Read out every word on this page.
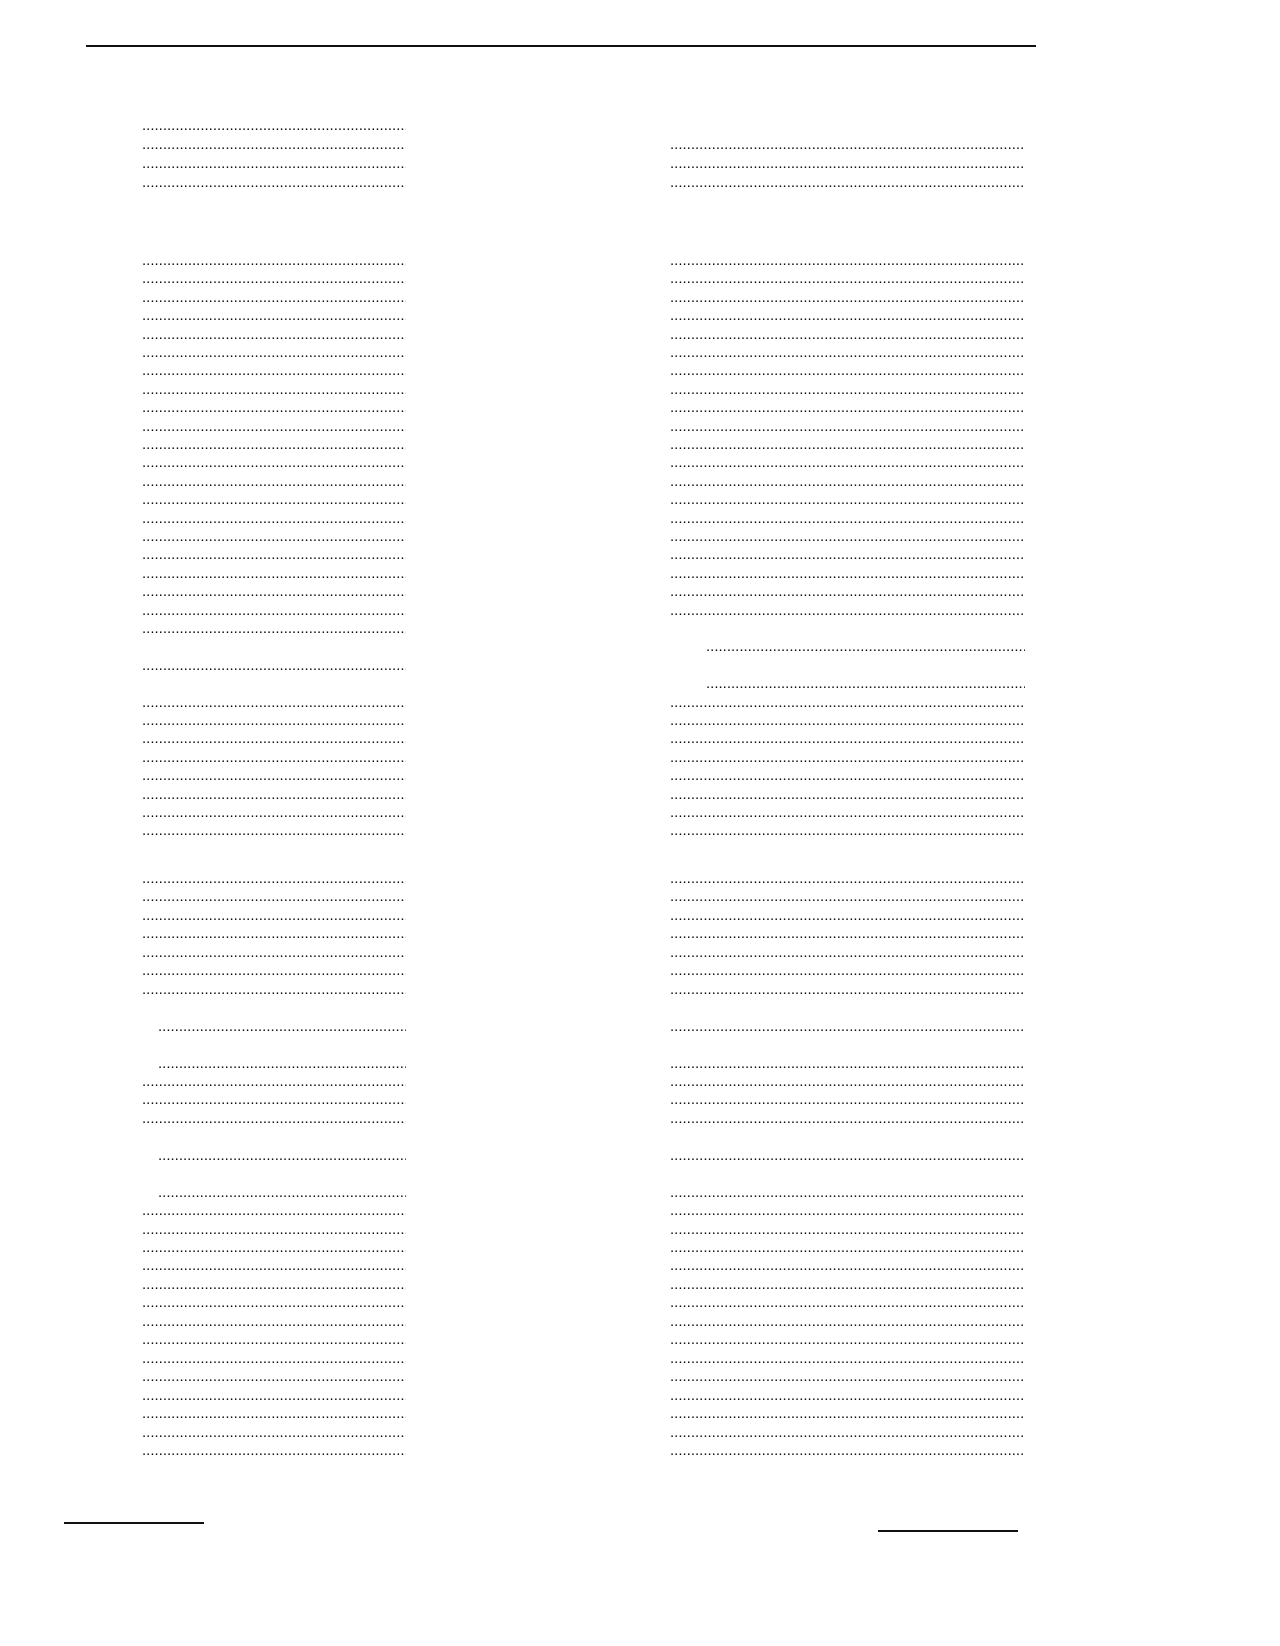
.....
.....
.....
.....
.....
.....
.....
.....
.....
.....
.....
.....
.....
.....
.....
.....
.....
.....
.....
.....
.....
.....
.....
.....
.....
.....
.....
.....
.....
.....
.....
.....
.....
.....
.....
.....
.....
.....
.....
.....
.....
.....
.....
.....
.....
.....
.....
.....
.....
.....
.....
.....
.....
.....
.....
.....
.....
.....
.....
.....
.....
.....
.....
.....
.....
.....
.....
.....
.....
.....
.....
.....
.....
.....
.....
.....
.....
.....
.....
.....
.....
.....
.....
.....
.....
.....
.....
.....
.....
.....
.....
.....
.....
.....
.....
.....
.....
.....
.....
.....
.....
.....
.....
.....
.....
.....
.....
.....
.....
.....
.....
.....
.....
.....
.....
.....
.....
.....
.....
.....
.....
.....
.....
